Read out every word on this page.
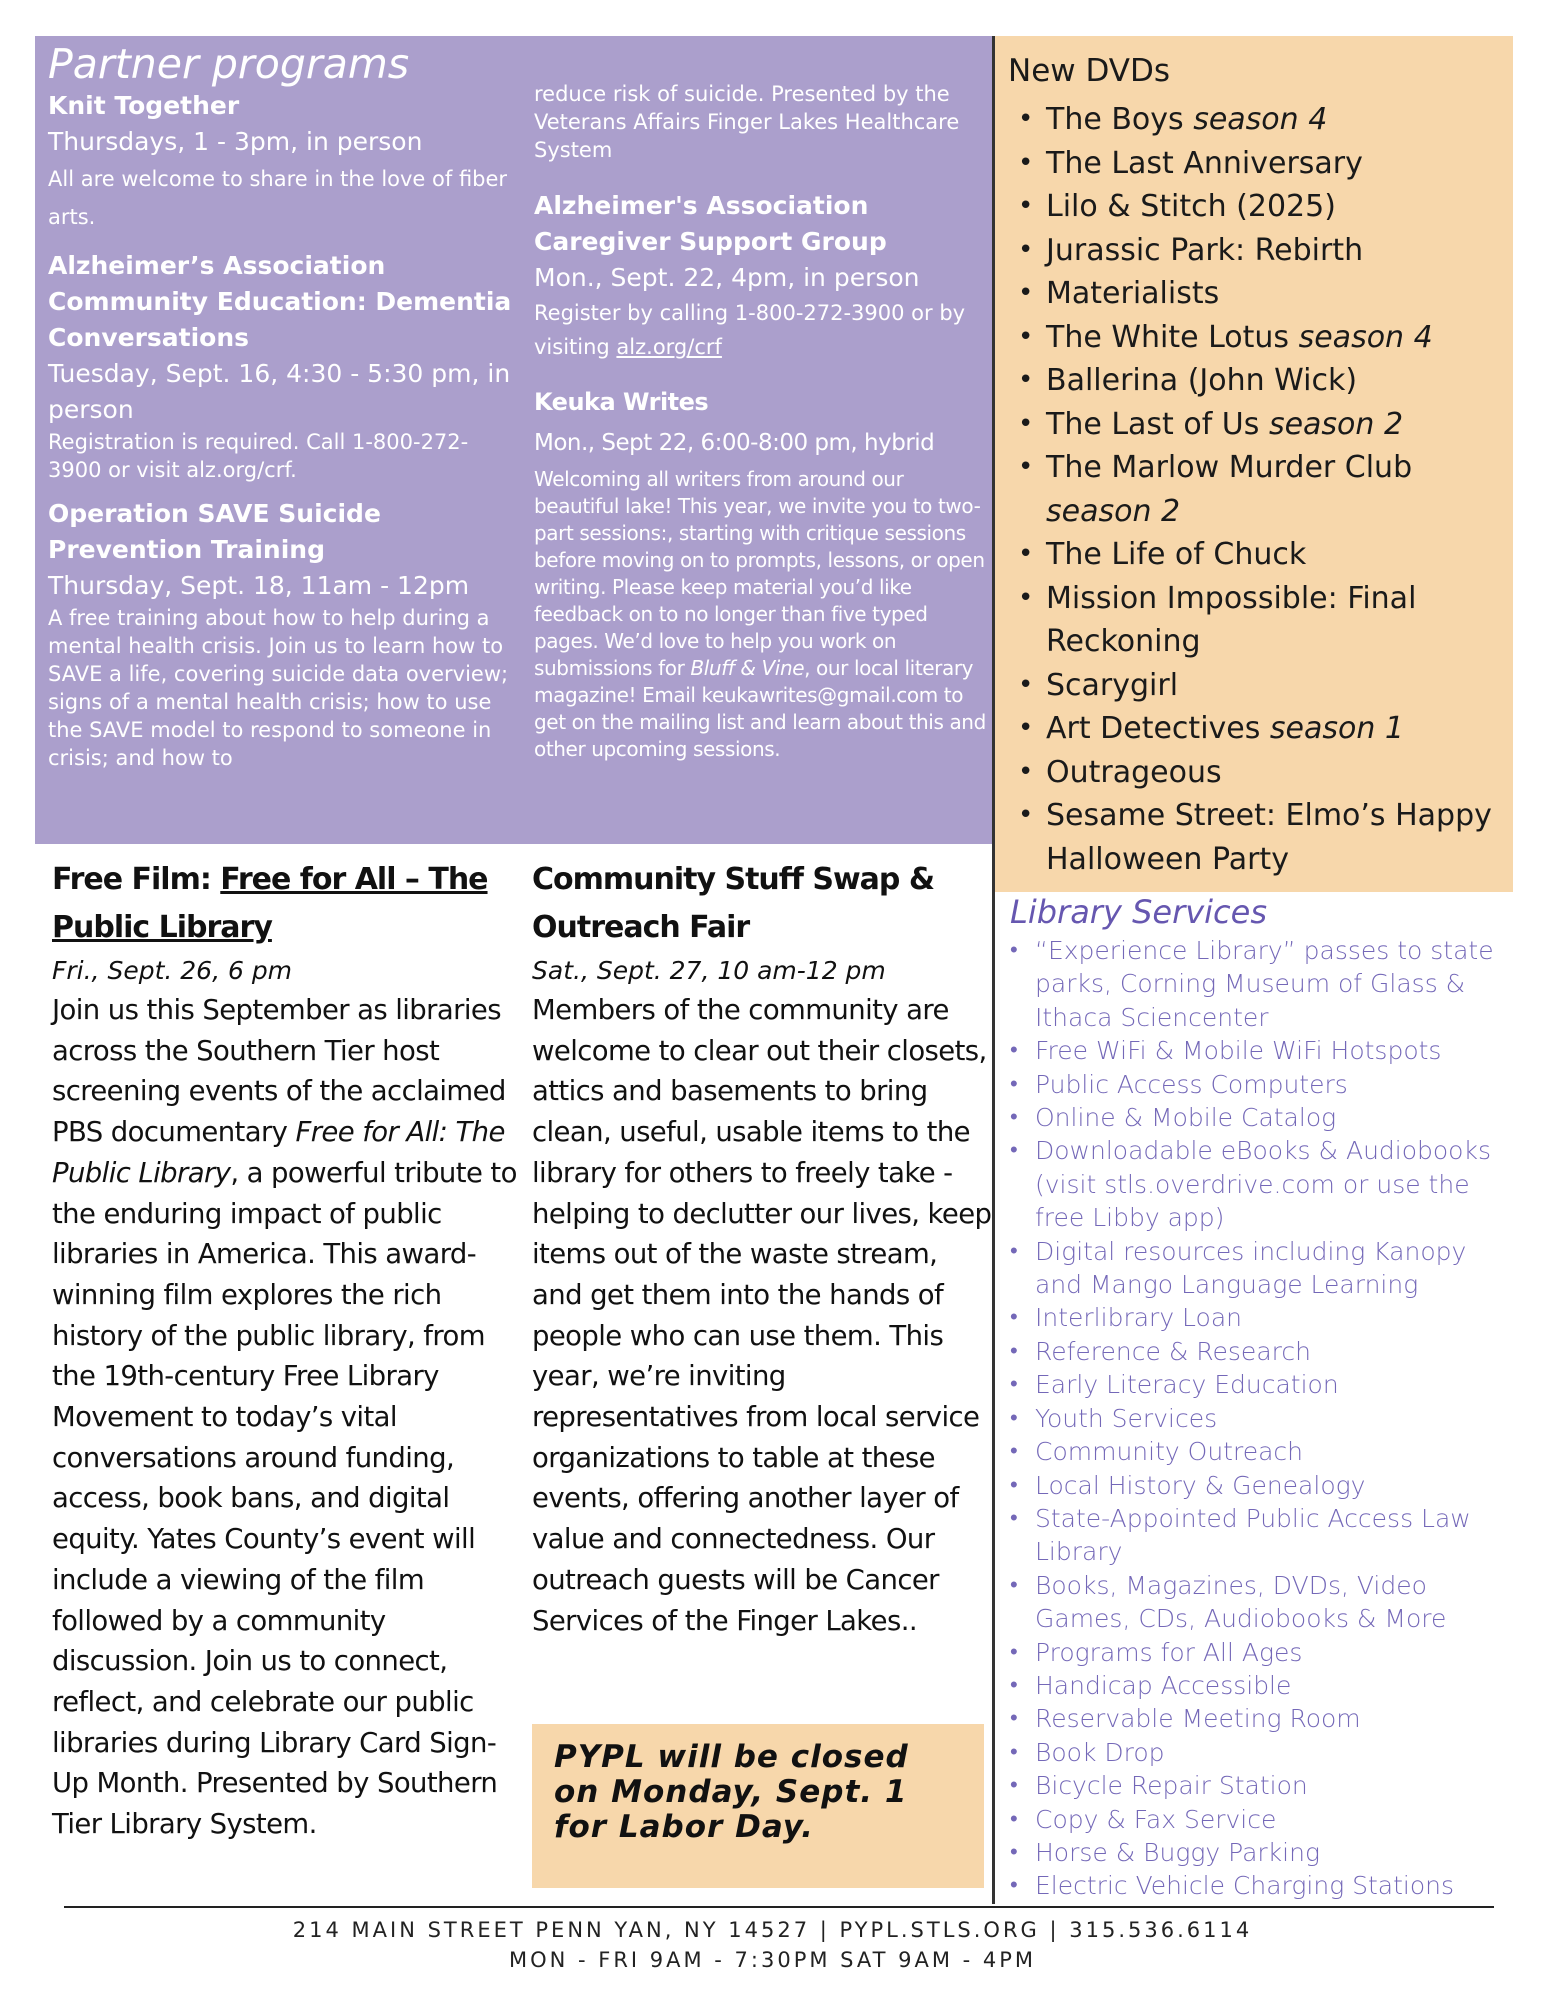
Partner programs
Knit Together
Thursdays, 1 - 3pm, in person
All are welcome to share in the love of fiber arts.
Alzheimer’s Association Community Education: Dementia Conversations
Tuesday, Sept. 16, 4:30 - 5:30 pm, in person
Registration is required. Call 1-800-272-3900 or visit alz.org/crf.
Operation SAVE Suicide Prevention Training
Thursday, Sept. 18, 11am - 12pm
A free training about how to help during a mental health crisis. Join us to learn how to SAVE a life, covering suicide data overview; signs of a mental health crisis; how to use the SAVE model to respond to someone in crisis; and how to
reduce risk of suicide. Presented by the Veterans Affairs Finger Lakes Healthcare System
Alzheimer's Association Caregiver Support Group
Mon., Sept. 22, 4pm, in person
Register by calling 1-800-272-3900 or by visiting alz.org/crf
Keuka Writes
Mon., Sept 22, 6:00-8:00 pm, hybrid
Welcoming all writers from around our beautiful lake! This year, we invite you to two-part sessions:, starting with critique sessions before moving on to prompts, lessons, or open writing. Please keep material you’d like feedback on to no longer than five typed pages. We’d love to help you work on submissions for Bluff & Vine, our local literary magazine! Email keukawrites@gmail.com to get on the mailing list and learn about this and other upcoming sessions.
New DVDs
• The Boys season 4
• The Last Anniversary
• Lilo & Stitch (2025)
• Jurassic Park: Rebirth
• Materialists
• The White Lotus season 4
• Ballerina (John Wick)
• The Last of Us season 2
• The Marlow Murder Club season 2
• The Life of Chuck
• Mission Impossible: Final Reckoning
• Scarygirl
• Art Detectives season 1
• Outrageous
• Sesame Street: Elmo’s Happy Halloween Party
Library Services
• “Experience Library” passes to state parks, Corning Museum of Glass & Ithaca Sciencenter
• Free WiFi & Mobile WiFi Hotspots
• Public Access Computers
• Online & Mobile Catalog
• Downloadable eBooks & Audiobooks (visit stls.overdrive.com or use the free Libby app)
• Digital resources including Kanopy and Mango Language Learning
• Interlibrary Loan
• Reference & Research
• Early Literacy Education
• Youth Services
• Community Outreach
• Local History & Genealogy
• State-Appointed Public Access Law Library
• Books, Magazines, DVDs, Video Games, CDs, Audiobooks & More
• Programs for All Ages
• Handicap Accessible
• Reservable Meeting Room
• Book Drop
• Bicycle Repair Station
• Copy & Fax Service
• Horse & Buggy Parking
• Electric Vehicle Charging Stations
Free Film: Free for All – The Public Library
Fri., Sept. 26, 6 pm
Join us this September as libraries across the Southern Tier host screening events of the acclaimed PBS documentary Free for All: The Public Library, a powerful tribute to the enduring impact of public libraries in America. This award-winning film explores the rich history of the public library, from the 19th-century Free Library Movement to today’s vital conversations around funding, access, book bans, and digital equity. Yates County’s event will include a viewing of the film followed by a community discussion. Join us to connect, reflect, and celebrate our public libraries during Library Card Sign-Up Month. Presented by Southern Tier Library System.
Community Stuff Swap & Outreach Fair
Sat., Sept. 27, 10 am-12 pm
Members of the community are welcome to clear out their closets, attics and basements to bring clean, useful, usable items to the library for others to freely take - helping to declutter our lives, keep items out of the waste stream, and get them into the hands of people who can use them. This year, we’re inviting representatives from local service organizations to table at these events, offering another layer of value and connectedness. Our outreach guests will be Cancer Services of the Finger Lakes..
PYPL will be closed on Monday, Sept. 1 for Labor Day.
214 MAIN STREET PENN YAN, NY 14527 | PYPL.STLS.ORG | 315.536.6114
MON - FRI 9AM - 7:30PM SAT 9AM - 4PM
